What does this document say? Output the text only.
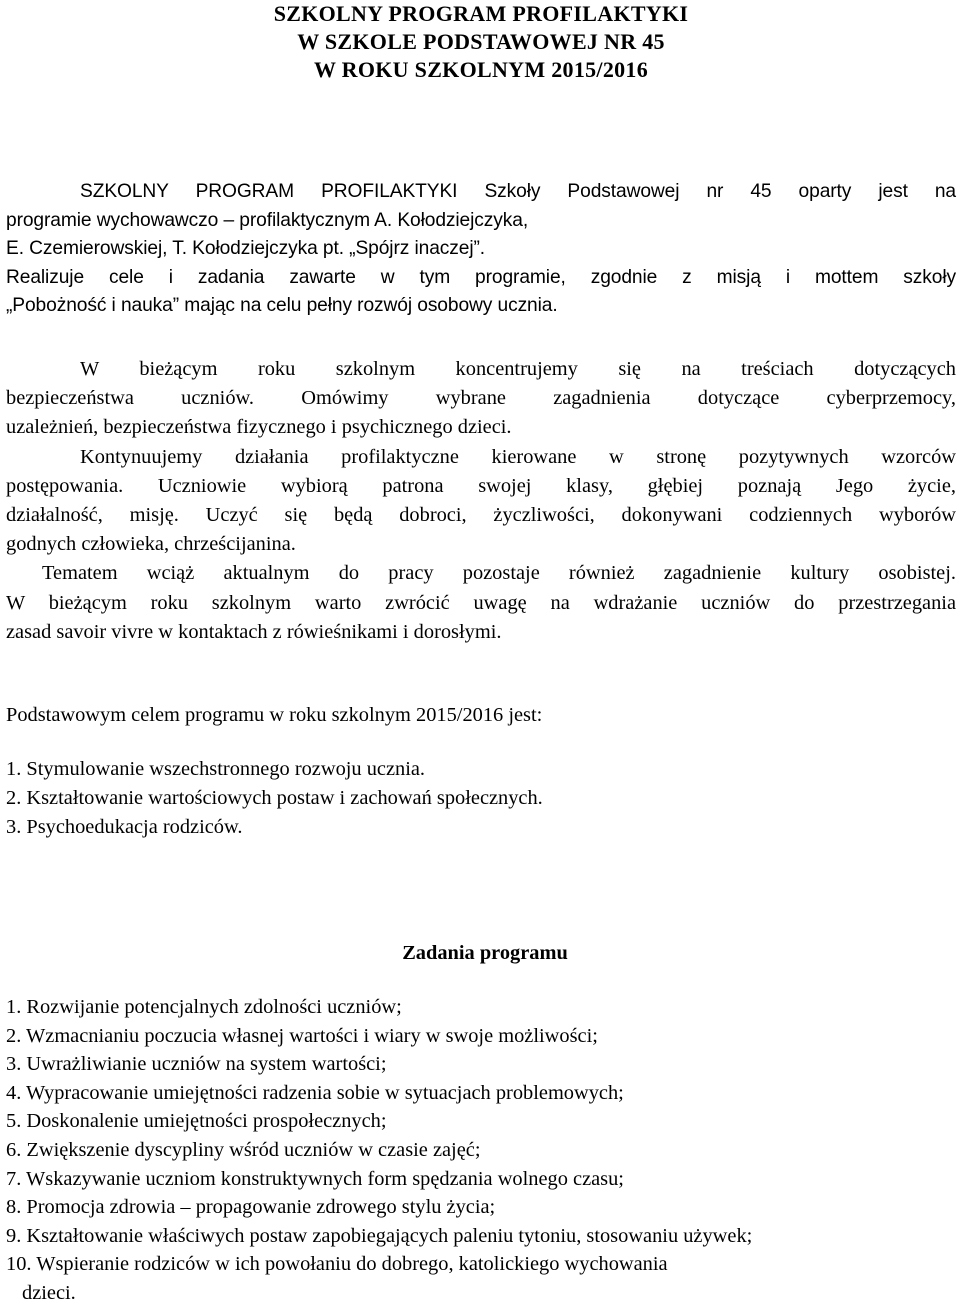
SZKOLNY PROGRAM PROFILAKTYKI
W SZKOLE PODSTAWOWEJ NR 45
W ROKU SZKOLNYM 2015/2016
SZKOLNY PROGRAM PROFILAKTYKI Szkoły Podstawowej nr 45 oparty jest na
programie wychowawczo – profilaktycznym A. Kołodziejczyka,
E. Czemierowskiej, T. Kołodziejczyka pt. „Spójrz inaczej”.
Realizuje cele i zadania zawarte w tym programie, zgodnie z misją i mottem szkoły
„Pobożność i nauka” mając na celu pełny rozwój osobowy ucznia.
W bieżącym roku szkolnym koncentrujemy się na treściach dotyczących
bezpieczeństwa uczniów. Omówimy wybrane zagadnienia dotyczące cyberprzemocy,
uzależnień, bezpieczeństwa fizycznego i psychicznego dzieci.
Kontynuujemy działania profilaktyczne kierowane w stronę pozytywnych wzorców
postępowania. Uczniowie wybiorą patrona swojej klasy, głębiej poznają Jego życie,
działalność, misję. Uczyć się będą dobroci, życzliwości, dokonywani codziennych wyborów
godnych człowieka, chrześcijanina.
Tematem wciąż aktualnym do pracy pozostaje również zagadnienie kultury osobistej.
W bieżącym roku szkolnym warto zwrócić uwagę na wdrażanie uczniów do przestrzegania
zasad savoir vivre w kontaktach z rówieśnikami i dorosłymi.
Podstawowym celem programu w roku szkolnym 2015/2016 jest:
1. Stymulowanie wszechstronnego rozwoju ucznia.
2. Kształtowanie wartościowych postaw i zachowań społecznych.
3. Psychoedukacja rodziców.
Zadania programu
1. Rozwijanie potencjalnych zdolności uczniów;
2. Wzmacnianiu poczucia własnej wartości i wiary w swoje możliwości;
3. Uwrażliwianie uczniów na system wartości;
4. Wypracowanie umiejętności radzenia sobie w sytuacjach problemowych;
5. Doskonalenie umiejętności prospołecznych;
6. Zwiększenie dyscypliny wśród uczniów w czasie zajęć;
7. Wskazywanie uczniom konstruktywnych form spędzania wolnego czasu;
8. Promocja zdrowia – propagowanie zdrowego stylu życia;
9. Kształtowanie właściwych postaw zapobiegających paleniu tytoniu, stosowaniu używek;
10. Wspieranie rodziców w ich powołaniu do dobrego, katolickiego wychowania
dzieci.
